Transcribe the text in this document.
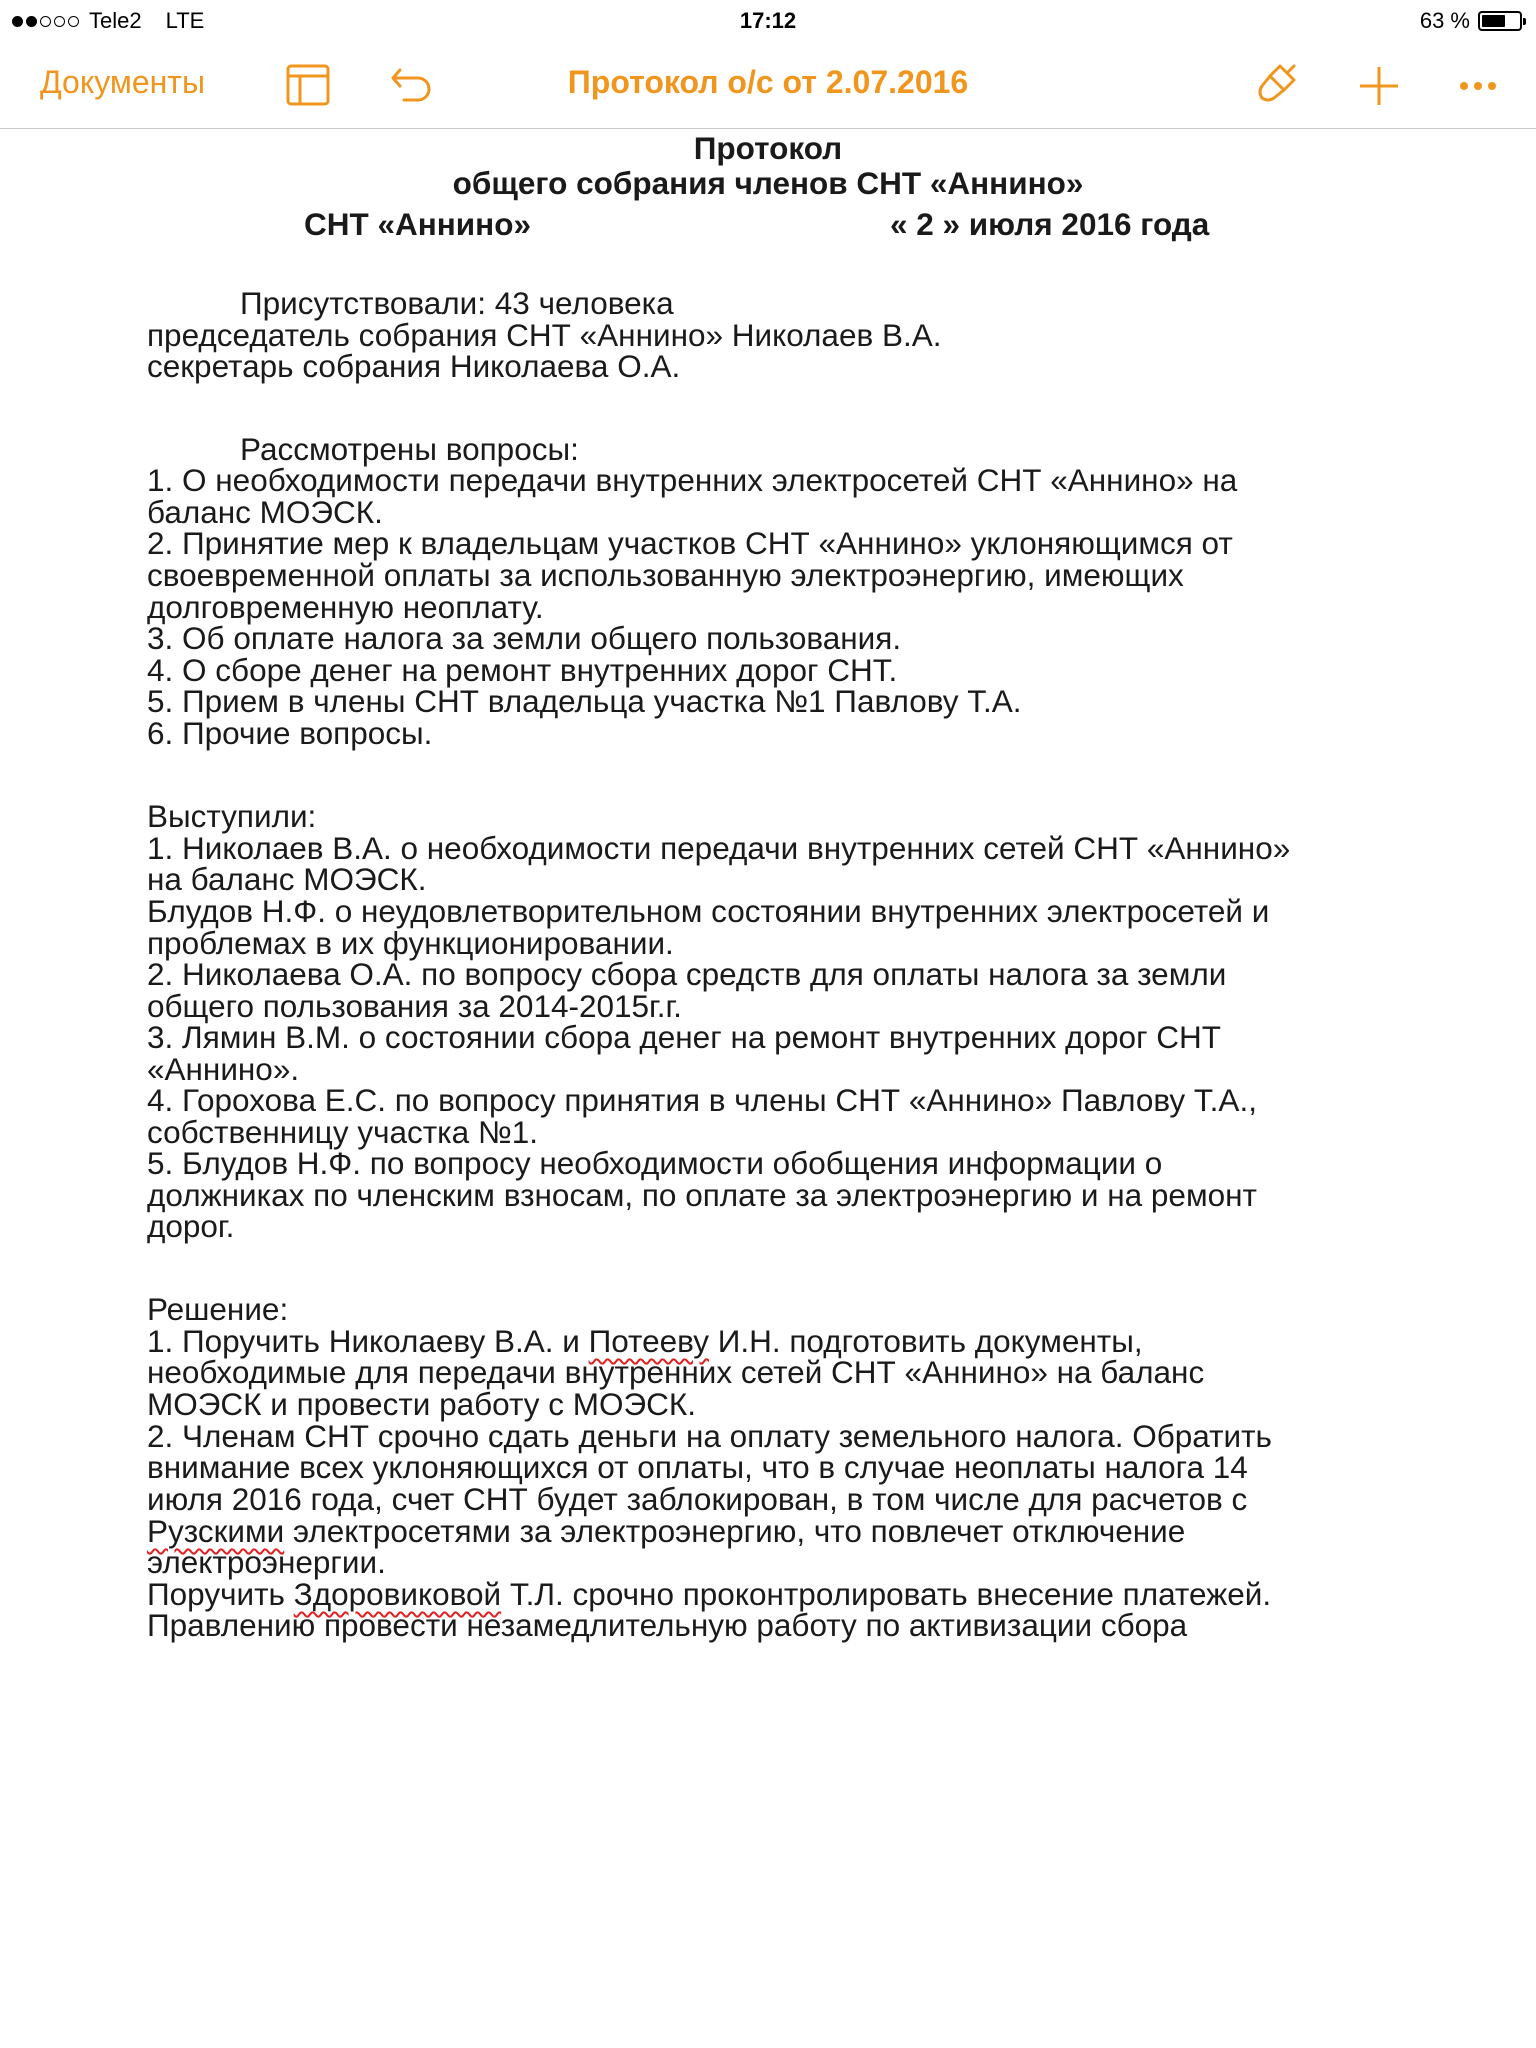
Tele2 LTE	17:12	63 %
Документы	Протокол о/с от 2.07.2016

Протокол

общего собрания членов СНТ «Аннино»

СНТ «Аннино»	« 2 » июля 2016 года

Присутствовали: 43 человека

председатель собрания СНТ «Аннино» Николаев В.А.

секретарь собрания Николаева О.А.

Рассмотрены вопросы:

1. О необходимости передачи внутренних электросетей СНТ «Аннино» на

баланс МОЭСК.

2. Принятие мер к владельцам участков СНТ «Аннино» уклоняющимся от

своевременной оплаты за использованную электроэнергию, имеющих

долговременную неоплату.

3. Об оплате налога за земли общего пользования.

4. О сборе денег на ремонт внутренних дорог СНТ.

5. Прием в члены СНТ владельца участка №1 Павлову Т.А.

6. Прочие вопросы.

Выступили:

1. Николаев В.А. о необходимости передачи внутренних сетей СНТ «Аннино»

на баланс МОЭСК.

Блудов Н.Ф. о неудовлетворительном состоянии внутренних электросетей и

проблемах в их функционировании.

2. Николаева О.А. по вопросу сбора средств для оплаты налога за земли

общего пользования за 2014-2015г.г.

3. Лямин В.М. о состоянии сбора денег на ремонт внутренних дорог СНТ

«Аннино».

4. Горохова Е.С. по вопросу принятия в члены СНТ «Аннино» Павлову Т.А.,

собственницу участка №1.

5. Блудов Н.Ф. по вопросу необходимости обобщения информации о

должниках по членским взносам, по оплате за электроэнергию и на ремонт

дорог.

Решение:

1. Поручить Николаеву В.А. и Потееву И.Н. подготовить документы,

необходимые для передачи внутренних сетей СНТ «Аннино» на баланс

МОЭСК и провести работу с МОЭСК.

2. Членам СНТ срочно сдать деньги на оплату земельного налога. Обратить

внимание всех уклоняющихся от оплаты, что в случае неоплаты налога 14

июля 2016 года, счет СНТ будет заблокирован, в том числе для расчетов с

Рузскими электросетями за электроэнергию, что повлечет отключение

электроэнергии.

Поручить Здоровиковой Т.Л. срочно проконтролировать внесение платежей.

Правлению провести незамедлительную работу по активизации сбора
